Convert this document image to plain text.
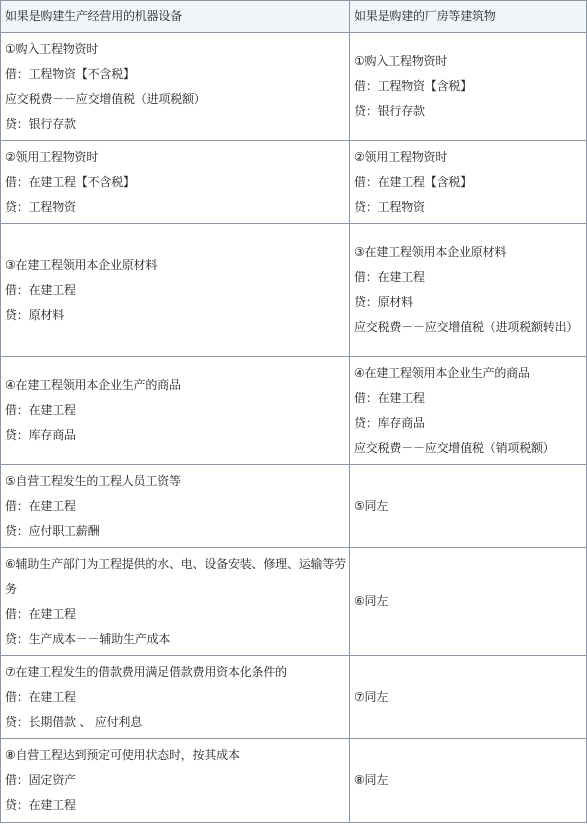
如果是购建生产经营用的机器设备	如果是购建的厂房等建筑物

①购入工程物资时
借：工程物资【不含税】
应交税费－－应交增值税（进项税额）
贷：银行存款	①购入工程物资时
借：工程物资【含税】
贷：银行存款

②领用工程物资时
借：在建工程【不含税】
贷：工程物资	②领用工程物资时
借：在建工程【含税】
贷：工程物资

③在建工程领用本企业原材料
借：在建工程
贷：原材料	③在建工程领用本企业原材料
借：在建工程
贷：原材料
应交税费－－应交增值税（进项税额转出）

④在建工程领用本企业生产的商品
借：在建工程
贷：库存商品	④在建工程领用本企业生产的商品
借：在建工程
贷：库存商品
应交税费－－应交增值税（销项税额）

⑤自营工程发生的工程人员工资等
借：在建工程
贷：应付职工薪酬	⑤同左

⑥辅助生产部门为工程提供的水、电、设备安装、修理、运输等劳务
借：在建工程
贷：生产成本－－辅助生产成本	⑥同左

⑦在建工程发生的借款费用满足借款费用资本化条件的
借：在建工程
贷：长期借款 、 应付利息	⑦同左

⑧自营工程达到预定可使用状态时，按其成本
借：固定资产
贷：在建工程	⑧同左
